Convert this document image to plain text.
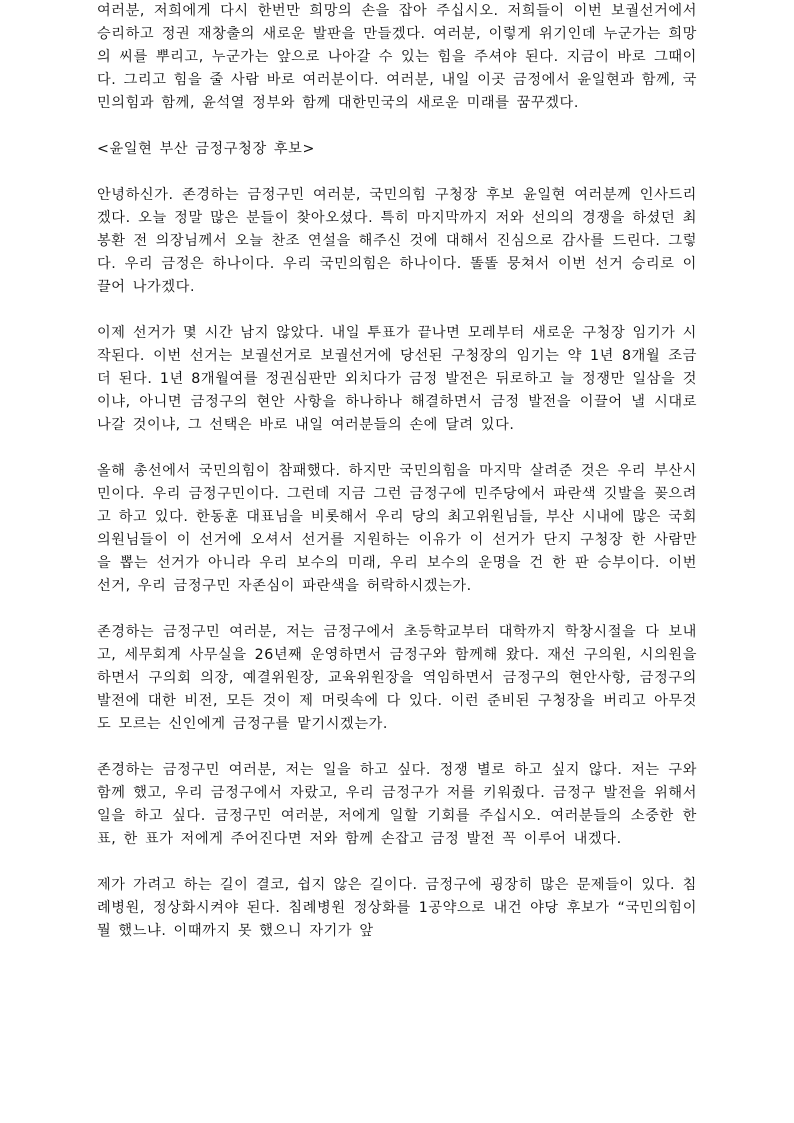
여러분, 저희에게 다시 한번만 희망의 손을 잡아 주십시오. 저희들이 이번 보궐선거에서 승리하고 정권 재창출의 새로운 발판을 만들겠다. 여러분, 이렇게 위기인데 누군가는 희망의 씨를 뿌리고, 누군가는 앞으로 나아갈 수 있는 힘을 주셔야 된다. 지금이 바로 그때이다. 그리고 힘을 줄 사람 바로 여러분이다. 여러분, 내일 이곳 금정에서 윤일현과 함께, 국민의힘과 함께, 윤석열 정부와 함께 대한민국의 새로운 미래를 꿈꾸겠다.

<윤일현 부산 금정구청장 후보>

안녕하신가. 존경하는 금정구민 여러분, 국민의힘 구청장 후보 윤일현 여러분께 인사드리겠다. 오늘 정말 많은 분들이 찾아오셨다. 특히 마지막까지 저와 선의의 경쟁을 하셨던 최봉환 전 의장님께서 오늘 찬조 연설을 해주신 것에 대해서 진심으로 감사를 드린다. 그렇다. 우리 금정은 하나이다. 우리 국민의힘은 하나이다. 똘똘 뭉쳐서 이번 선거 승리로 이끌어 나가겠다.

이제 선거가 몇 시간 남지 않았다. 내일 투표가 끝나면 모레부터 새로운 구청장 임기가 시작된다. 이번 선거는 보궐선거로 보궐선거에 당선된 구청장의 임기는 약 1년 8개월 조금 더 된다. 1년 8개월여를 정권심판만 외치다가 금정 발전은 뒤로하고 늘 정쟁만 일삼을 것이냐, 아니면 금정구의 현안 사항을 하나하나 해결하면서 금정 발전을 이끌어 낼 시대로 나갈 것이냐, 그 선택은 바로 내일 여러분들의 손에 달려 있다.

올해 총선에서 국민의힘이 참패했다. 하지만 국민의힘을 마지막 살려준 것은 우리 부산시민이다. 우리 금정구민이다. 그런데 지금 그런 금정구에 민주당에서 파란색 깃발을 꽂으려고 하고 있다. 한동훈 대표님을 비롯해서 우리 당의 최고위원님들, 부산 시내에 많은 국회의원님들이 이 선거에 오셔서 선거를 지원하는 이유가 이 선거가 단지 구청장 한 사람만을 뽑는 선거가 아니라 우리 보수의 미래, 우리 보수의 운명을 건 한 판 승부이다. 이번 선거, 우리 금정구민 자존심이 파란색을 허락하시겠는가.

존경하는 금정구민 여러분, 저는 금정구에서 초등학교부터 대학까지 학창시절을 다 보내고, 세무회계 사무실을 26년째 운영하면서 금정구와 함께해 왔다. 재선 구의원, 시의원을 하면서 구의회 의장, 예결위원장, 교육위원장을 역임하면서 금정구의 현안사항, 금정구의 발전에 대한 비전, 모든 것이 제 머릿속에 다 있다. 이런 준비된 구청장을 버리고 아무것도 모르는 신인에게 금정구를 맡기시겠는가.

존경하는 금정구민 여러분, 저는 일을 하고 싶다. 정쟁 별로 하고 싶지 않다. 저는 구와 함께 했고, 우리 금정구에서 자랐고, 우리 금정구가 저를 키워줬다. 금정구 발전을 위해서 일을 하고 싶다. 금정구민 여러분, 저에게 일할 기회를 주십시오. 여러분들의 소중한 한 표, 한 표가 저에게 주어진다면 저와 함께 손잡고 금정 발전 꼭 이루어 내겠다.

제가 가려고 하는 길이 결코, 쉽지 않은 길이다. 금정구에 굉장히 많은 문제들이 있다. 침례병원, 정상화시켜야 된다. 침례병원 정상화를 1공약으로 내건 야당 후보가 “국민의힘이 뭘 했느냐. 이때까지 못 했으니 자기가 앞
